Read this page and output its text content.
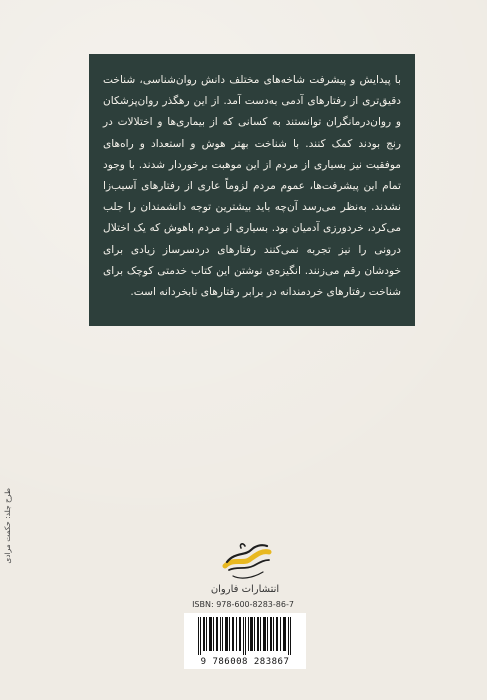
با پیدایش و پیشرفت شاخه‌های مختلف دانش روان‌شناسی، شناخت دقیق‌تری از رفتارهای آدمی به‌دست آمد. از این رهگذر روان‌پزشکان و روان‌درمانگران توانستند به کسانی که از بیماری‌ها و اختلالات در رنج بودند کمک کنند. با شناخت بهتر هوش و استعداد و راه‌های موفقیت نیز بسیاری از مردم از این موهبت برخوردار شدند. با وجود تمام این پیشرفت‌ها، عموم مردم لزوماً عاری از رفتارهای آسیب‌زا نشدند. به‌نظر می‌رسد آن‌چه باید بیشترین توجه دانشمندان را جلب می‌کرد، خردورزی آدمیان بود. بسیاری از مردم باهوش که یک اختلال درونی را نیز تجربه نمی‌کنند رفتارهای دردسرساز زیادی برای خودشان رقم می‌زنند. انگیزه‌ی نوشتن این کتاب خدمتی کوچک برای شناخت رفتارهای خردمندانه در برابر رفتارهای نابخردانه است.

انتشارات فاروان
ISBN: 978-600-8283-86-7
9 786008 283867
طرح جلد: حکمت مرادی
